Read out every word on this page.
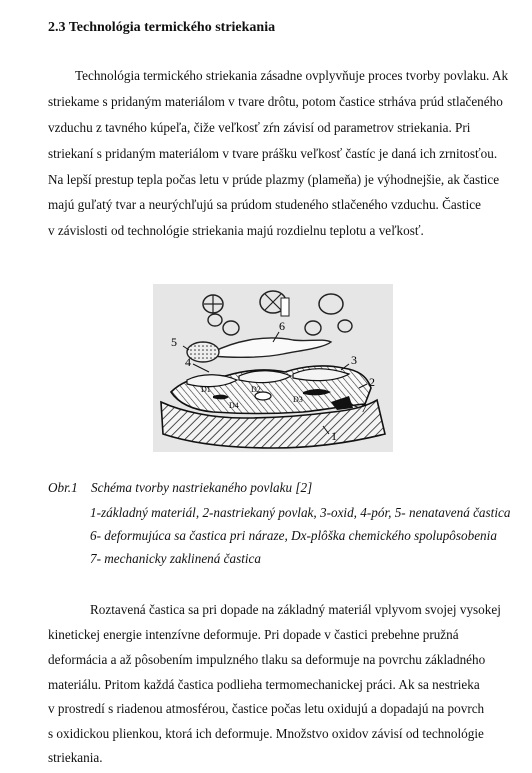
2.3 Technológia termického striekania
Technológia termického striekania zásadne ovplyvňuje proces tvorby povlaku. Ak
striekame s pridaným materiálom v tvare drôtu, potom častice strháva prúd stlačeného
vzduchu z tavného kúpeľa, čiže veľkosť zŕn závisí od parametrov striekania. Pri
striekaní s pridaným materiálom v tvare prášku veľkosť častíc je daná ich zrnitosťou.
Na lepší prestup tepla počas letu v prúde plazmy (plameňa) je výhodnejšie, ak častice
majú guľatý tvar a neurýchľujú sa prúdom studeného stlačeného vzduchu. Častice
v závislosti od technológie striekania majú rozdielnu teplotu a veľkosť.
5
6
4	3
2
7
1
D1	D2
D3
D4
Obr.1 Schéma tvorby nastriekaného povlaku [2]
1-základný materiál, 2-nastriekaný povlak, 3-oxid, 4-pór, 5- nenatavená častica
6- deformujúca sa častica pri náraze, Dx-plôška chemického spolupôsobenia
7- mechanicky zaklinená častica
Roztavená častica sa pri dopade na základný materiál vplyvom svojej vysokej
kinetickej energie intenzívne deformuje. Pri dopade v častici prebehne pružná
deformácia a až pôsobením impulzného tlaku sa deformuje na povrchu základného
materiálu. Pritom každá častica podlieha termomechanickej práci. Ak sa nestriekа
v prostredí s riadenou atmosférou, častice počas letu oxidujú a dopadajú na povrch
s oxidickou plienkou, ktorá ich deformuje. Množstvo oxidov závisí od technológie
striekania.
